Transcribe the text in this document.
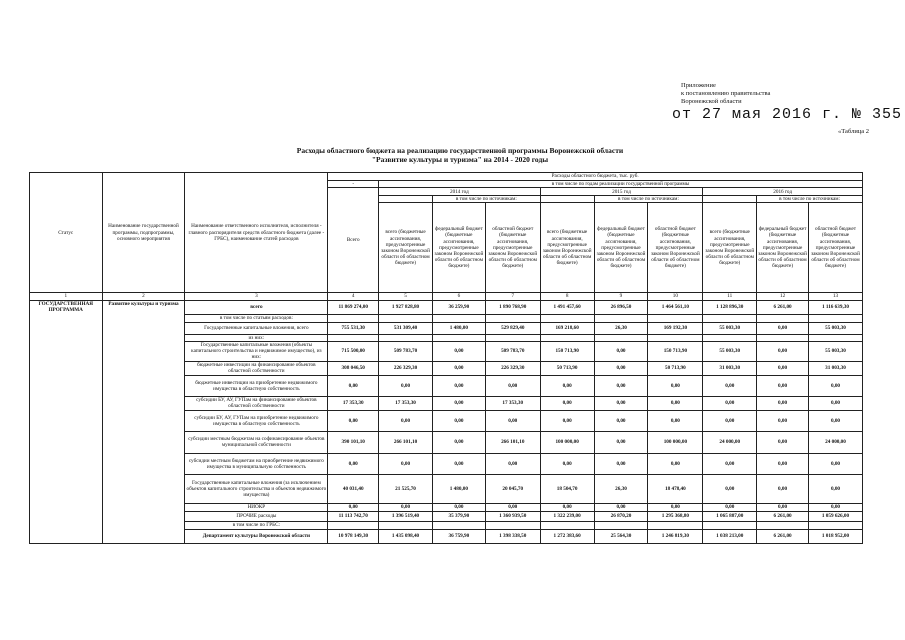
Приложение
к постановлению правительства
Воронежской области
от 27 мая 2016 г. № 355
«Таблица 2
Расходы областного бюджета на реализацию государственной программы Воронежской области
"Развитие культуры и туризма" на 2014 - 2020 годы
Статус	Наименование государственной программы, подпрограммы, основного мероприятия	Наименование ответственного исполнителя, исполнителя - главного распорядителя средств областного бюджета (далее - ГРБС), наименование статей расходов	Расходы областного бюджета, тыс. руб.									
			-	в том числе по годам реализации государственной программы								
			Всего	2014 год			2015 год			2016 год		
					в том числе по источникам:			в том числе по источникам:			в том числе по источникам:	
				всего (бюджетные ассигнования, предусмотренные законом Воронежской области об областном бюджете)	федеральный бюджет (бюджетные ассигнования, предусмотренные законом Воронежской области об областном бюджете)	областной бюджет (бюджетные ассигнования, предусмотренные законом Воронежской области об областном бюджете)	всего (бюджетные ассигнования, предусмотренные законом Воронежской области об областном бюджете)	федеральный бюджет (бюджетные ассигнования, предусмотренные законом Воронежской области об областном бюджете)	областной бюджет (бюджетные ассигнования, предусмотренные законом Воронежской области об областном бюджете)	всего (бюджетные ассигнования, предусмотренные законом Воронежской области об областном бюджете)	федеральный бюджет (бюджетные ассигнования, предусмотренные законом Воронежской области об областном бюджете)	областной бюджет (бюджетные ассигнования, предусмотренные законом Воронежской области об областном бюджете)
1	2	3	4	5	6	7	8	9	10	11	12	13
ГОСУДАРСТВЕННАЯ ПРОГРАММА	Развитие культуры и туризма	всего	11 869 274,00	1 927 828,80	36 259,90	1 890 768,90	1 491 457,60	26 896,50	1 464 561,10	1 128 896,30	6 261,00	1 116 639,30
		в том числе по статьям расходов:										
		Государственные капитальные вложения, всего	755 531,30	531 309,40	1 480,00	529 829,40	169 218,60	26,30	169 192,30	55 003,30	0,00	55 003,30
		из них:										
		Государственные капитальные вложения (объекты капитального строительства и недвижимое имущество), из них:	715 500,00	509 783,70	0,00	509 783,70	150 713,90	0,00	150 713,90	55 003,30	0,00	55 003,30
		бюджетные инвестиции на финансирование объектов областной собственности	308 046,50	226 329,30	0,00	226 329,30	50 713,90	0,00	50 713,90	31 003,30	0,00	31 003,30
		бюджетные инвестиции на приобретение недвижимого имущества в областную собственность	0,00	0,00	0,00	0,00	0,00	0,00	0,00	0,00	0,00	0,00
		субсидии БУ, АУ, ГУПам на финансирование объектов областной собственности	17 353,30	17 353,30	0,00	17 353,30	0,00	0,00	0,00	0,00	0,00	0,00
		субсидии БУ, АУ, ГУПам на приобретение недвижимого имущества в областную собственность	0,00	0,00	0,00	0,00	0,00	0,00	0,00	0,00	0,00	0,00
		субсидии местным бюджетам на софинансирование объектов муниципальной собственности	390 101,10	266 101,10	0,00	266 101,10	100 000,00	0,00	100 000,00	24 000,00	0,00	24 000,00
		субсидии местным бюджетам на приобретение недвижимого имущества в муниципальную собственность	0,00	0,00	0,00	0,00	0,00	0,00	0,00	0,00	0,00	0,00
		Государственные капитальные вложения (за исключением объектов капитального строительства и объектов недвижимого имущества)	40 031,40	21 525,70	1 480,00	20 045,70	18 504,70	26,30	18 478,40	0,00	0,00	0,00
		НИОКР	0,00	0,00	0,00	0,00	0,00	0,00	0,00	0,00	0,00	0,00
		ПРОЧИЕ расходы	11 113 742,70	1 396 519,40	35 379,90	1 360 939,50	1 322 239,00	26 870,20	1 295 368,80	1 065 887,00	6 261,00	1 059 626,00
		в том числе по ГРБС:										
		Департамент культуры Воронежской области	10 978 149,30	1 435 098,40	36 759,90	1 398 338,50	1 272 383,60	25 564,30	1 246 819,30	1 038 213,00	6 261,00	1 018 952,00
